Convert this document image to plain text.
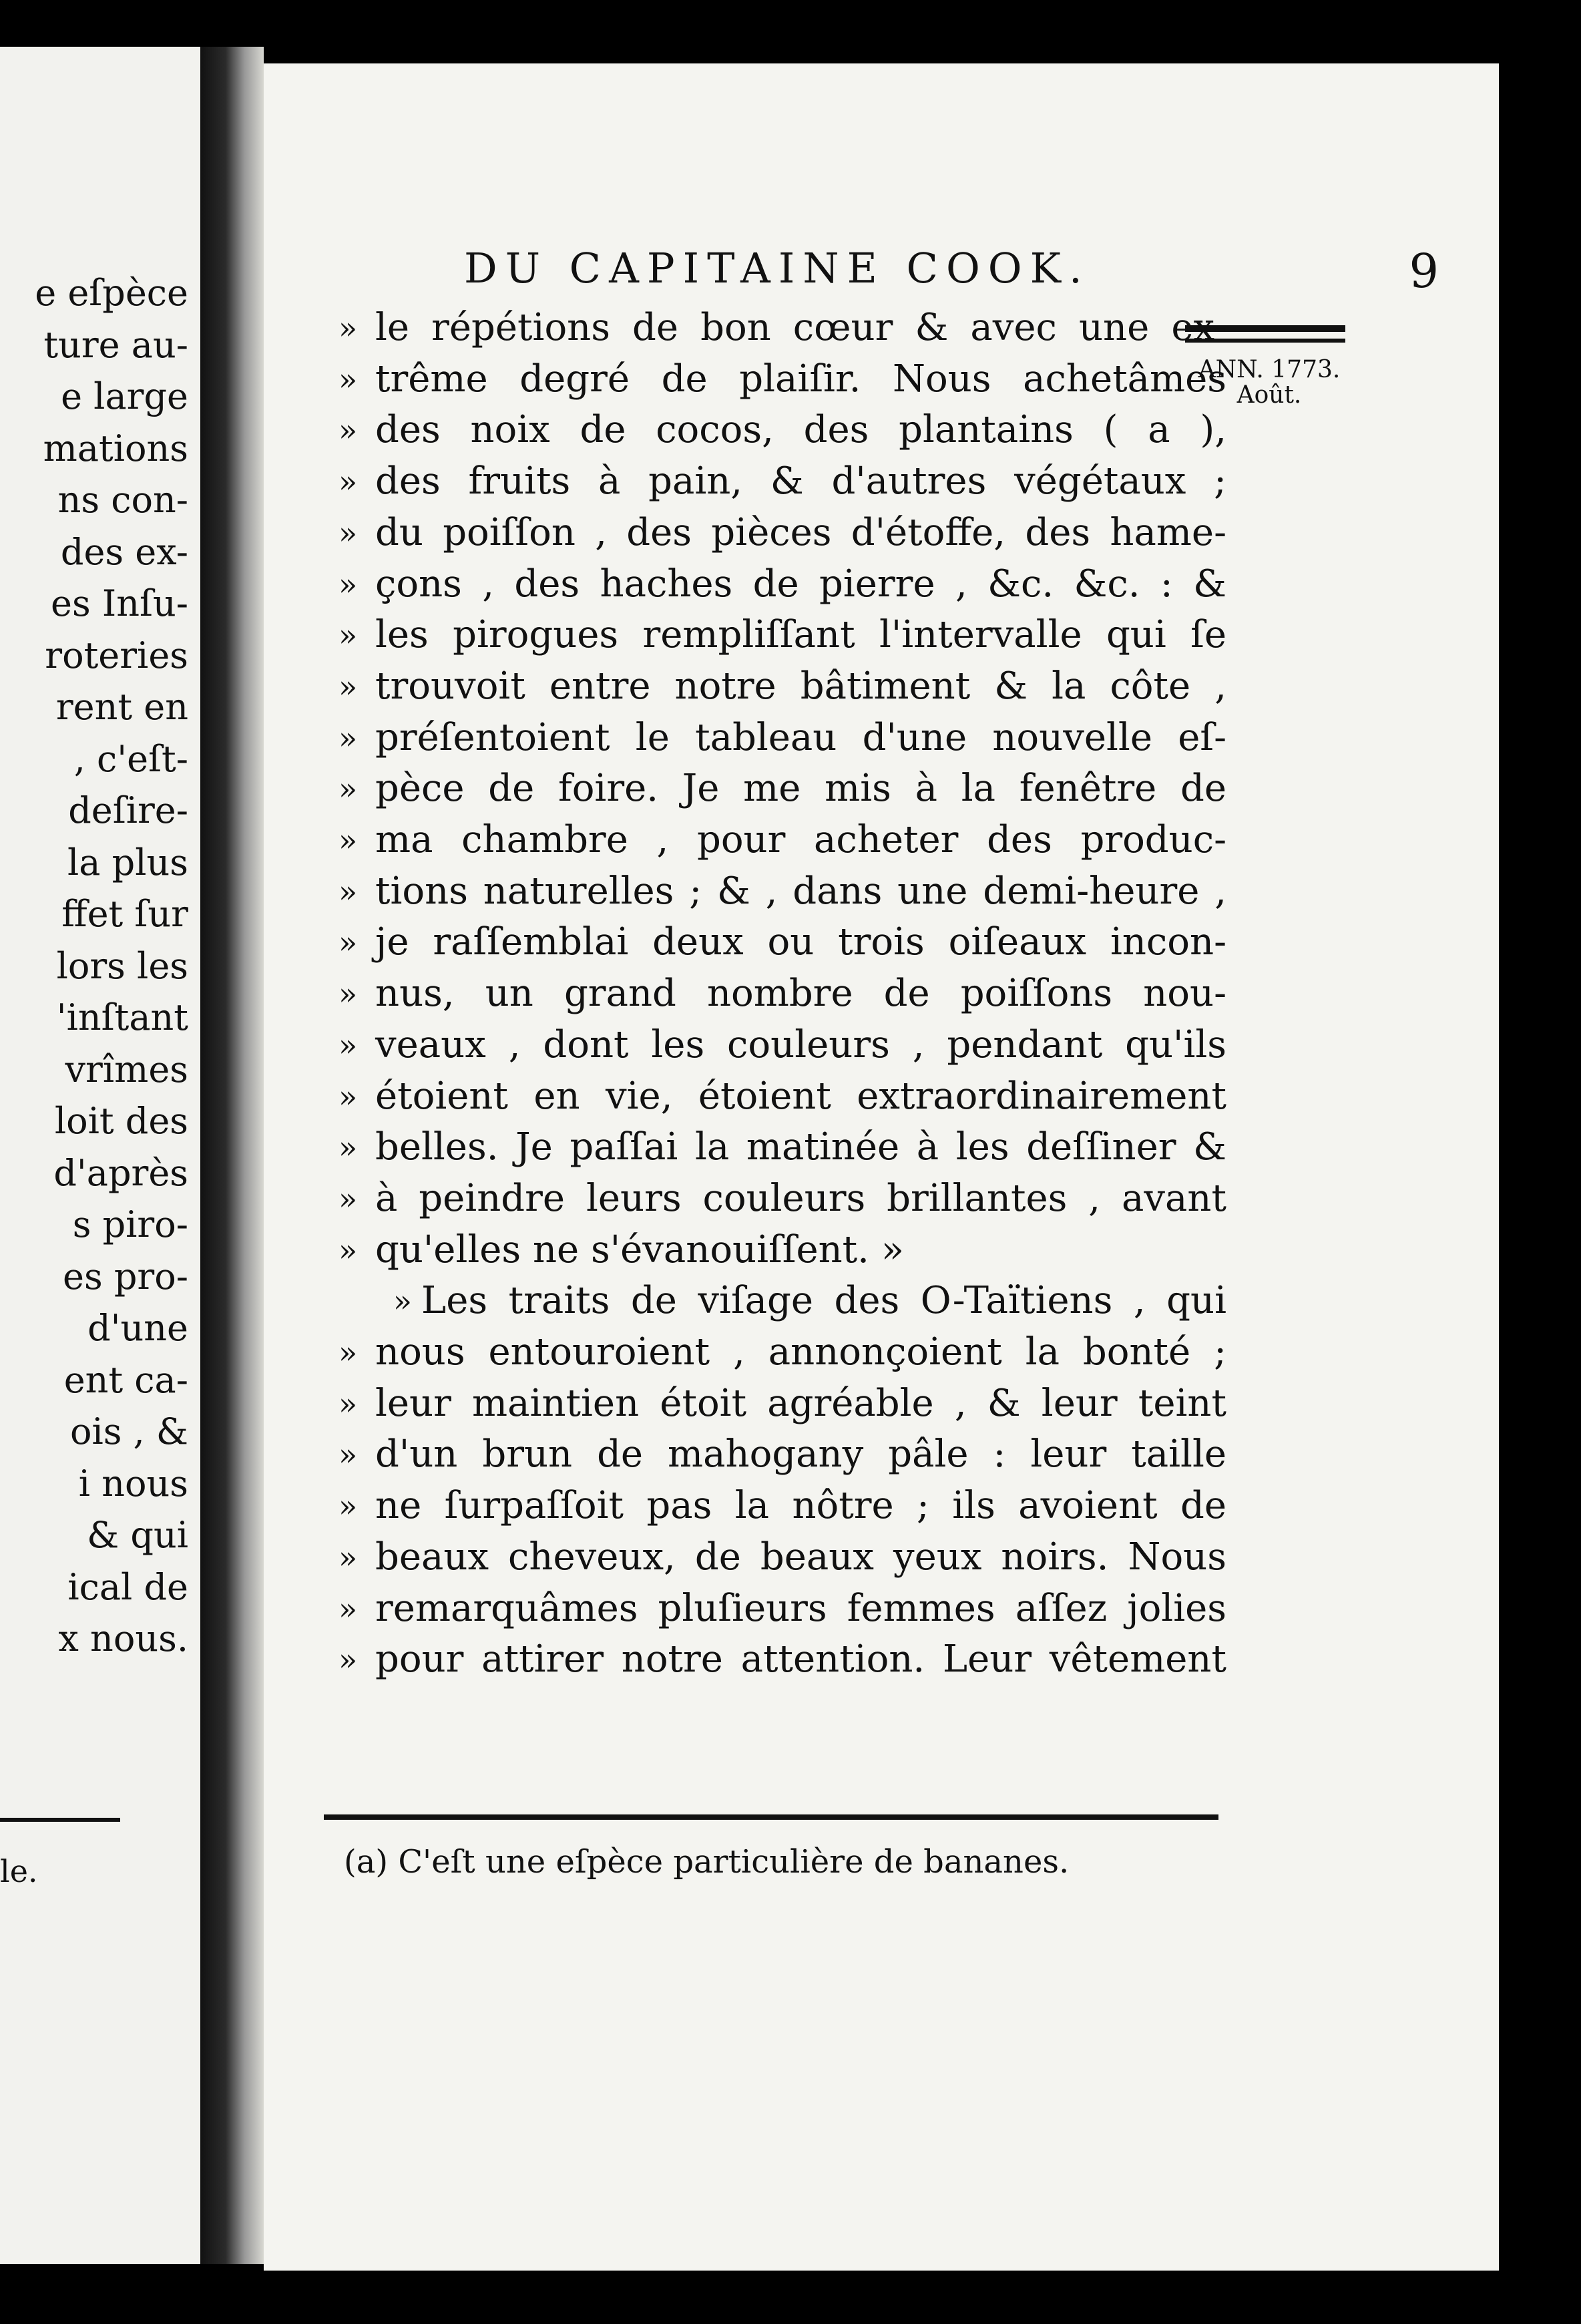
e eſpèce
ture au-
e large
mations
ns con-
des ex-
es Inſu-
roteries
rent en
, c'eſt-
deſire-
la plus
ffet ſur
lors les
'inſtant
vrîmes
loit des
d'après
s piro-
es pro-
d'une
ent ca-
ois , &
i nous
& qui
ical de
x nous.
le.
DU CAPITAINE COOK.	9
ANN. 1773.
Août.
» le répétions de bon cœur & avec une ex-
» trême degré de plaiſir. Nous achetâmes
» des noix de cocos, des plantains ( a ),
» des fruits à pain, & d'autres végétaux ;
» du poiſſon , des pièces d'étoffe, des hame-
» çons , des haches de pierre , &c. &c. : &
» les pirogues rempliſſant l'intervalle qui ſe
» trouvoit entre notre bâtiment & la côte ,
» préſentoient le tableau d'une nouvelle eſ-
» pèce de foire. Je me mis à la fenêtre de
» ma chambre , pour acheter des produc-
» tions naturelles ; & , dans une demi-heure ,
» je raſſemblai deux ou trois oiſeaux incon-
» nus, un grand nombre de poiſſons nou-
» veaux , dont les couleurs , pendant qu'ils
» étoient en vie, étoient extraordinairement
» belles. Je paſſai la matinée à les deſſiner &
» à peindre leurs couleurs brillantes , avant
» qu'elles ne s'évanouiſſent. »
» Les traits de viſage des O-Taïtiens , qui
» nous entouroient , annonçoient la bonté ;
» leur maintien étoit agréable , & leur teint
» d'un brun de mahogany pâle : leur taille
» ne ſurpaſſoit pas la nôtre ; ils avoient de
» beaux cheveux, de beaux yeux noirs. Nous
» remarquâmes pluſieurs femmes aſſez jolies
» pour attirer notre attention. Leur vêtement
(a) C'eſt une eſpèce particulière de bananes.
